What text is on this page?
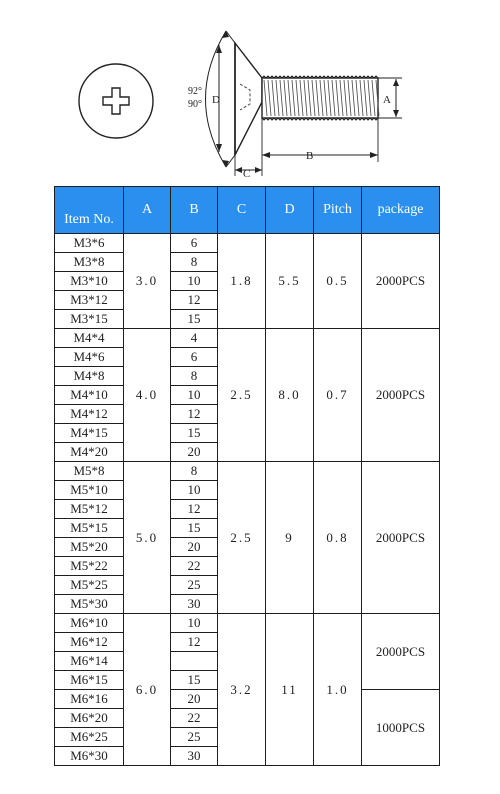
92°
90° D	A
B
C
Item No.	A	B	C	D	Pitch	package
M3*6	3.0	6	1.8	5.5	0.5	2000PCS
M3*8		8				
M3*10		10				
M3*12		12				
M3*15		15				
M4*4	4.0	4	2.5	8.0	0.7	2000PCS
M4*6		6				
M4*8		8				
M4*10		10				
M4*12		12				
M4*15		15				
M4*20		20				
M5*8	5.0	8	2.5	9	0.8	2000PCS
M5*10		10				
M5*12		12				
M5*15		15				
M5*20		20				
M5*22		22				
M5*25		25				
M5*30		30				
M6*10	6.0	10	3.2	11	1.0	2000PCS
M6*12		12				
M6*14						
M6*15		15				
M6*16		20				1000PCS
M6*20		22				
M6*25		25				
M6*30		30				
